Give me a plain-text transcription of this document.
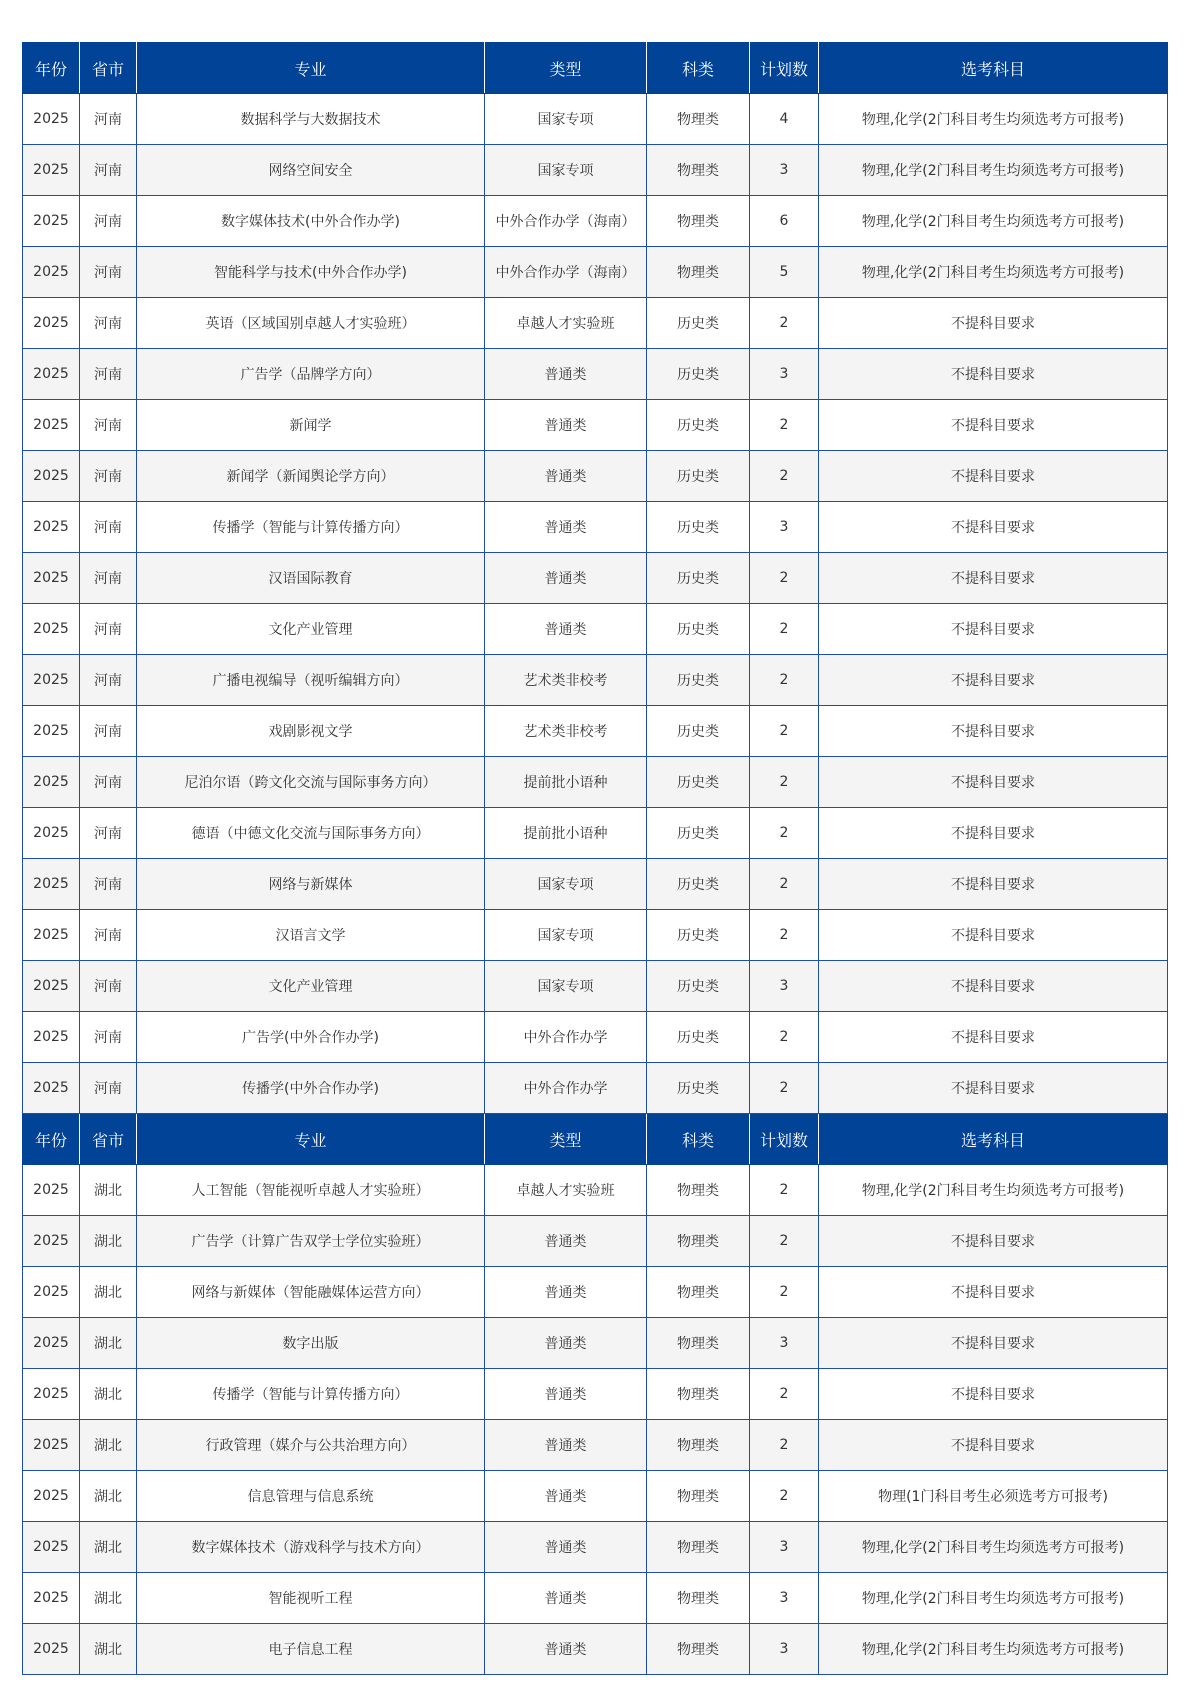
年份	省市	专业	类型	科类	计划数	选考科目
2025	河南	数据科学与大数据技术	国家专项	物理类	4	物理,化学(2门科目考生均须选考方可报考)
2025	河南	网络空间安全	国家专项	物理类	3	物理,化学(2门科目考生均须选考方可报考)
2025	河南	数字媒体技术(中外合作办学)	中外合作办学（海南）	物理类	6	物理,化学(2门科目考生均须选考方可报考)
2025	河南	智能科学与技术(中外合作办学)	中外合作办学（海南）	物理类	5	物理,化学(2门科目考生均须选考方可报考)
2025	河南	英语（区域国别卓越人才实验班）	卓越人才实验班	历史类	2	不提科目要求
2025	河南	广告学（品牌学方向）	普通类	历史类	3	不提科目要求
2025	河南	新闻学	普通类	历史类	2	不提科目要求
2025	河南	新闻学（新闻舆论学方向）	普通类	历史类	2	不提科目要求
2025	河南	传播学（智能与计算传播方向）	普通类	历史类	3	不提科目要求
2025	河南	汉语国际教育	普通类	历史类	2	不提科目要求
2025	河南	文化产业管理	普通类	历史类	2	不提科目要求
2025	河南	广播电视编导（视听编辑方向）	艺术类非校考	历史类	2	不提科目要求
2025	河南	戏剧影视文学	艺术类非校考	历史类	2	不提科目要求
2025	河南	尼泊尔语（跨文化交流与国际事务方向）	提前批小语种	历史类	2	不提科目要求
2025	河南	德语（中德文化交流与国际事务方向）	提前批小语种	历史类	2	不提科目要求
2025	河南	网络与新媒体	国家专项	历史类	2	不提科目要求
2025	河南	汉语言文学	国家专项	历史类	2	不提科目要求
2025	河南	文化产业管理	国家专项	历史类	3	不提科目要求
2025	河南	广告学(中外合作办学)	中外合作办学	历史类	2	不提科目要求
2025	河南	传播学(中外合作办学)	中外合作办学	历史类	2	不提科目要求
年份	省市	专业	类型	科类	计划数	选考科目
2025	湖北	人工智能（智能视听卓越人才实验班）	卓越人才实验班	物理类	2	物理,化学(2门科目考生均须选考方可报考)
2025	湖北	广告学（计算广告双学士学位实验班）	普通类	物理类	2	不提科目要求
2025	湖北	网络与新媒体（智能融媒体运营方向）	普通类	物理类	2	不提科目要求
2025	湖北	数字出版	普通类	物理类	3	不提科目要求
2025	湖北	传播学（智能与计算传播方向）	普通类	物理类	2	不提科目要求
2025	湖北	行政管理（媒介与公共治理方向）	普通类	物理类	2	不提科目要求
2025	湖北	信息管理与信息系统	普通类	物理类	2	物理(1门科目考生必须选考方可报考)
2025	湖北	数字媒体技术（游戏科学与技术方向）	普通类	物理类	3	物理,化学(2门科目考生均须选考方可报考)
2025	湖北	智能视听工程	普通类	物理类	3	物理,化学(2门科目考生均须选考方可报考)
2025	湖北	电子信息工程	普通类	物理类	3	物理,化学(2门科目考生均须选考方可报考)
